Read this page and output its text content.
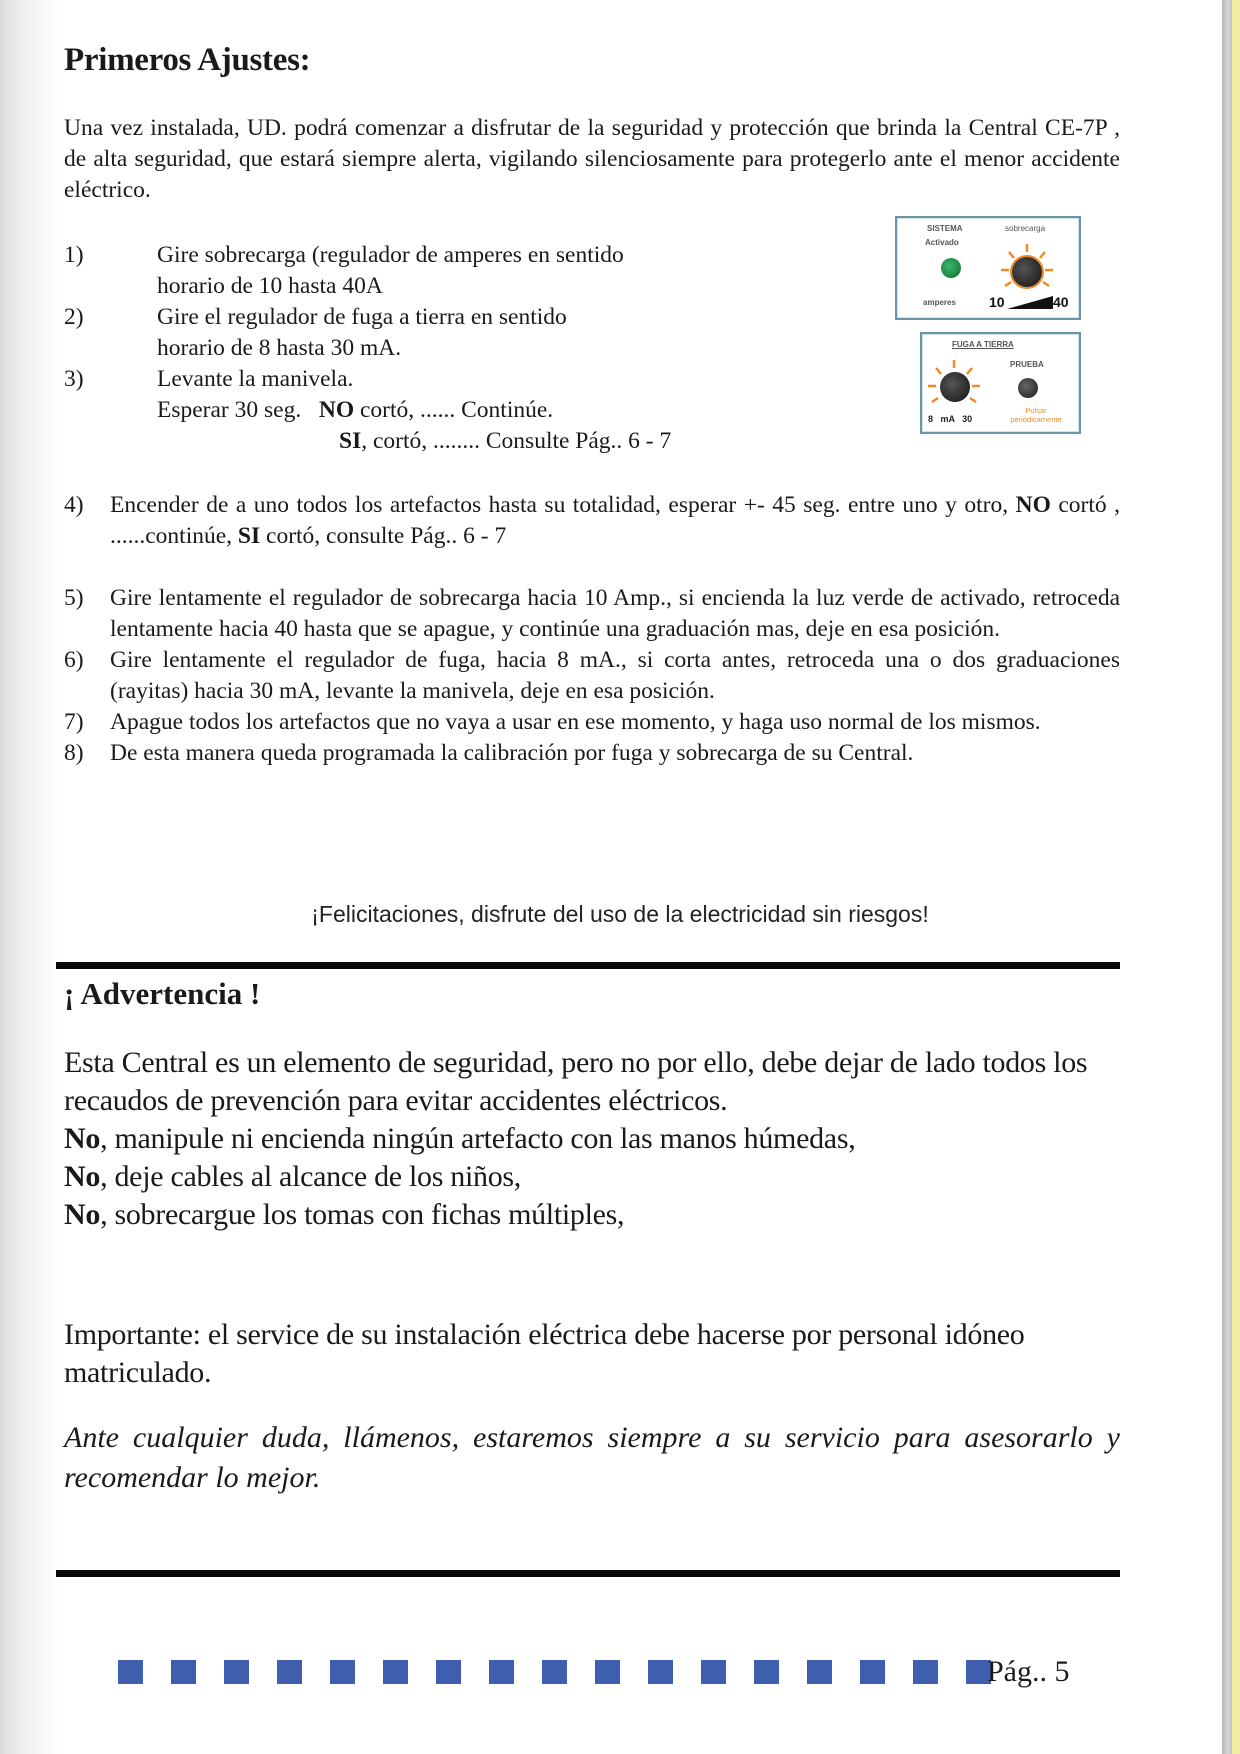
Primeros Ajustes:
Una vez instalada, UD. podrá comenzar a disfrutar de la seguridad y protección que brinda la Central CE-7P , de alta seguridad, que estará siempre alerta, vigilando silenciosamente para protegerlo ante el menor accidente eléctrico.
1)	Gire sobrecarga (regulador de amperes en sentido
horario de 10 hasta 40A
2)	Gire el regulador de fuga a tierra en sentido
horario de 8 hasta 30 mA.
3)	Levante la manivela.
Esperar 30 seg.   NO cortó, ...... Continúe.
SI, cortó, ........ Consulte Pág.. 6 - 7
SISTEMA
Activado
sobrecarga
amperes 10	40
FUGA A TIERRA
PRUEBA
8   mA   30
Pulsar periódicamente
4)	Encender de a uno todos los artefactos hasta su totalidad, esperar +- 45 seg. entre uno y otro, NO cortó , ......continúe, SI cortó, consulte Pág.. 6 - 7
5)	Gire lentamente el regulador de sobrecarga hacia 10 Amp., si encienda la luz verde de activado, retroceda lentamente hacia 40 hasta que se apague, y continúe una graduación mas, deje en esa posición.
6)	Gire lentamente el regulador de fuga, hacia 8 mA., si corta antes, retroceda una o dos graduaciones (rayitas) hacia 30 mA, levante la manivela, deje en esa posición.
7)	Apague todos los artefactos que no vaya a usar en ese momento, y haga uso normal de los mismos.
8)	De esta manera queda programada la calibración por fuga y sobrecarga de su Central.
¡Felicitaciones, disfrute del uso de la electricidad sin riesgos!
¡ Advertencia !

Esta Central es un elemento de seguridad, pero no por ello, debe dejar de lado todos los recaudos de prevención para evitar accidentes eléctricos.

No, manipule ni encienda ningún artefacto con las manos húmedas,

No, deje cables al alcance de los niños,

No, sobrecargue los tomas con fichas múltiples,

Importante: el service de su instalación eléctrica debe hacerse por personal idóneo matriculado.
Ante cualquier duda, llámenos, estaremos siempre a su servicio para asesorarlo y recomendar lo mejor.
Pág.. 5
